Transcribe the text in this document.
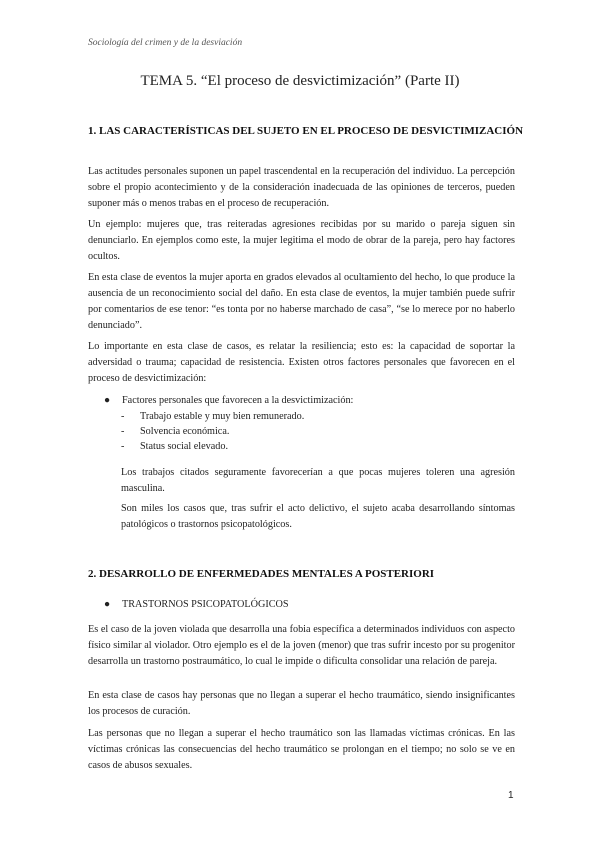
Sociología del crimen y de la desviación
TEMA 5. “El proceso de desvictimización” (Parte II)
1. LAS CARACTERÍSTICAS DEL SUJETO EN EL PROCESO DE DESVICTIMIZACIÓN
Las actitudes personales suponen un papel trascendental en la recuperación del individuo. La percepción sobre el propio acontecimiento y de la consideración inadecuada de las opiniones de terceros, pueden suponer más o menos trabas en el proceso de recuperación.
Un ejemplo: mujeres que, tras reiteradas agresiones recibidas por su marido o pareja siguen sin denunciarlo. En ejemplos como este, la mujer legitima el modo de obrar de la pareja, pero hay factores ocultos.
En esta clase de eventos la mujer aporta en grados elevados al ocultamiento del hecho, lo que produce la ausencia de un reconocimiento social del daño. En esta clase de eventos, la mujer también puede sufrir por comentarios de ese tenor: “es tonta por no haberse marchado de casa”, “se lo merece por no haberlo denunciado”.
Lo importante en esta clase de casos, es relatar la resiliencia; esto es: la capacidad de soportar la adversidad o trauma; capacidad de resistencia. Existen otros factores personales que favorecen en el proceso de desvictimización:
● Factores personales que favorecen a la desvictimización:
- Trabajo estable y muy bien remunerado.
- Solvencia económica.
- Status social elevado.
Los trabajos citados seguramente favorecerían a que pocas mujeres toleren una agresión masculina.
Son miles los casos que, tras sufrir el acto delictivo, el sujeto acaba desarrollando síntomas patológicos o trastornos psicopatológicos.
2. DESARROLLO DE ENFERMEDADES MENTALES A POSTERIORI
● TRASTORNOS PSICOPATOLÓGICOS
Es el caso de la joven violada que desarrolla una fobia específica a determinados individuos con aspecto físico similar al violador. Otro ejemplo es el de la joven (menor) que tras sufrir incesto por su progenitor desarrolla un trastorno postraumático, lo cual le impide o dificulta consolidar una relación de pareja.
En esta clase de casos hay personas que no llegan a superar el hecho traumático, siendo insignificantes los procesos de curación.
Las personas que no llegan a superar el hecho traumático son las llamadas víctimas crónicas. En las víctimas crónicas las consecuencias del hecho traumático se prolongan en el tiempo; no solo se ve en casos de abusos sexuales.
1
